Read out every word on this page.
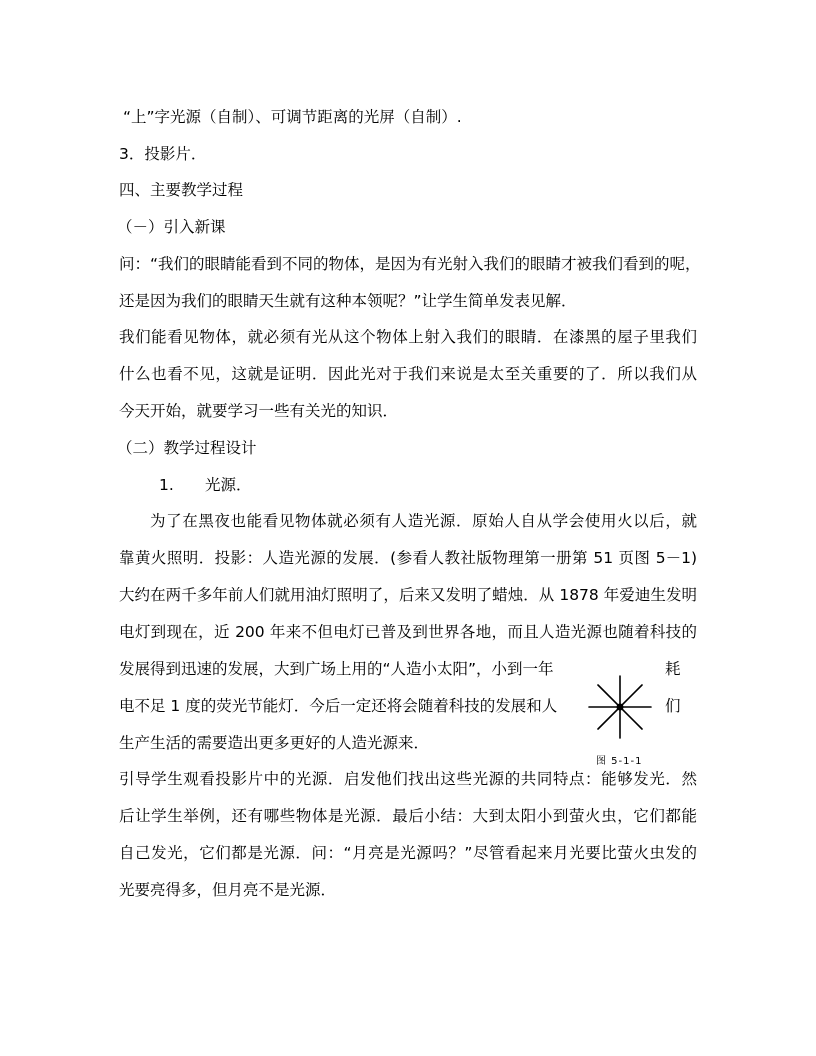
“上”字光源（自制）、可调节距离的光屏（自制）.
3．投影片．
四、主要教学过程
（－）引入新课
问：“我们的眼睛能看到不同的物体，是因为有光射入我们的眼睛才被我们看到的呢，
还是因为我们的眼睛天生就有这种本领呢？”让学生简单发表见解．
我们能看见物体，就必须有光从这个物体上射入我们的眼睛．在漆黑的屋子里我们
什么也看不见，这就是证明．因此光对于我们来说是太至关重要的了．所以我们从
今天开始，就要学习一些有关光的知识．
（二）教学过程设计
1. 光源．
为了在黑夜也能看见物体就必须有人造光源．原始人自从学会使用火以后，就
靠黄火照明．投影：人造光源的发展．(参看人教社版物理第一册第 51 页图 5－1)
大约在两千多年前人们就用油灯照明了，后来又发明了蜡烛．从 1878 年爱迪生发明
电灯到现在，近 200 年来不但电灯已普及到世界各地，而且人造光源也随着科技的
发展得到迅速的发展，大到广场上用的“人造小太阳”，小到一年	耗
电不足 1 度的荧光节能灯．今后一定还将会随着科技的发展和人	们
生产生活的需要造出更多更好的人造光源来．
图 5-1-1
引导学生观看投影片中的光源．启发他们找出这些光源的共同特点：能够发光．然
后让学生举例，还有哪些物体是光源．最后小结：大到太阳小到萤火虫，它们都能
自己发光，它们都是光源．问：“月亮是光源吗？”尽管看起来月光要比萤火虫发的
光要亮得多，但月亮不是光源．
